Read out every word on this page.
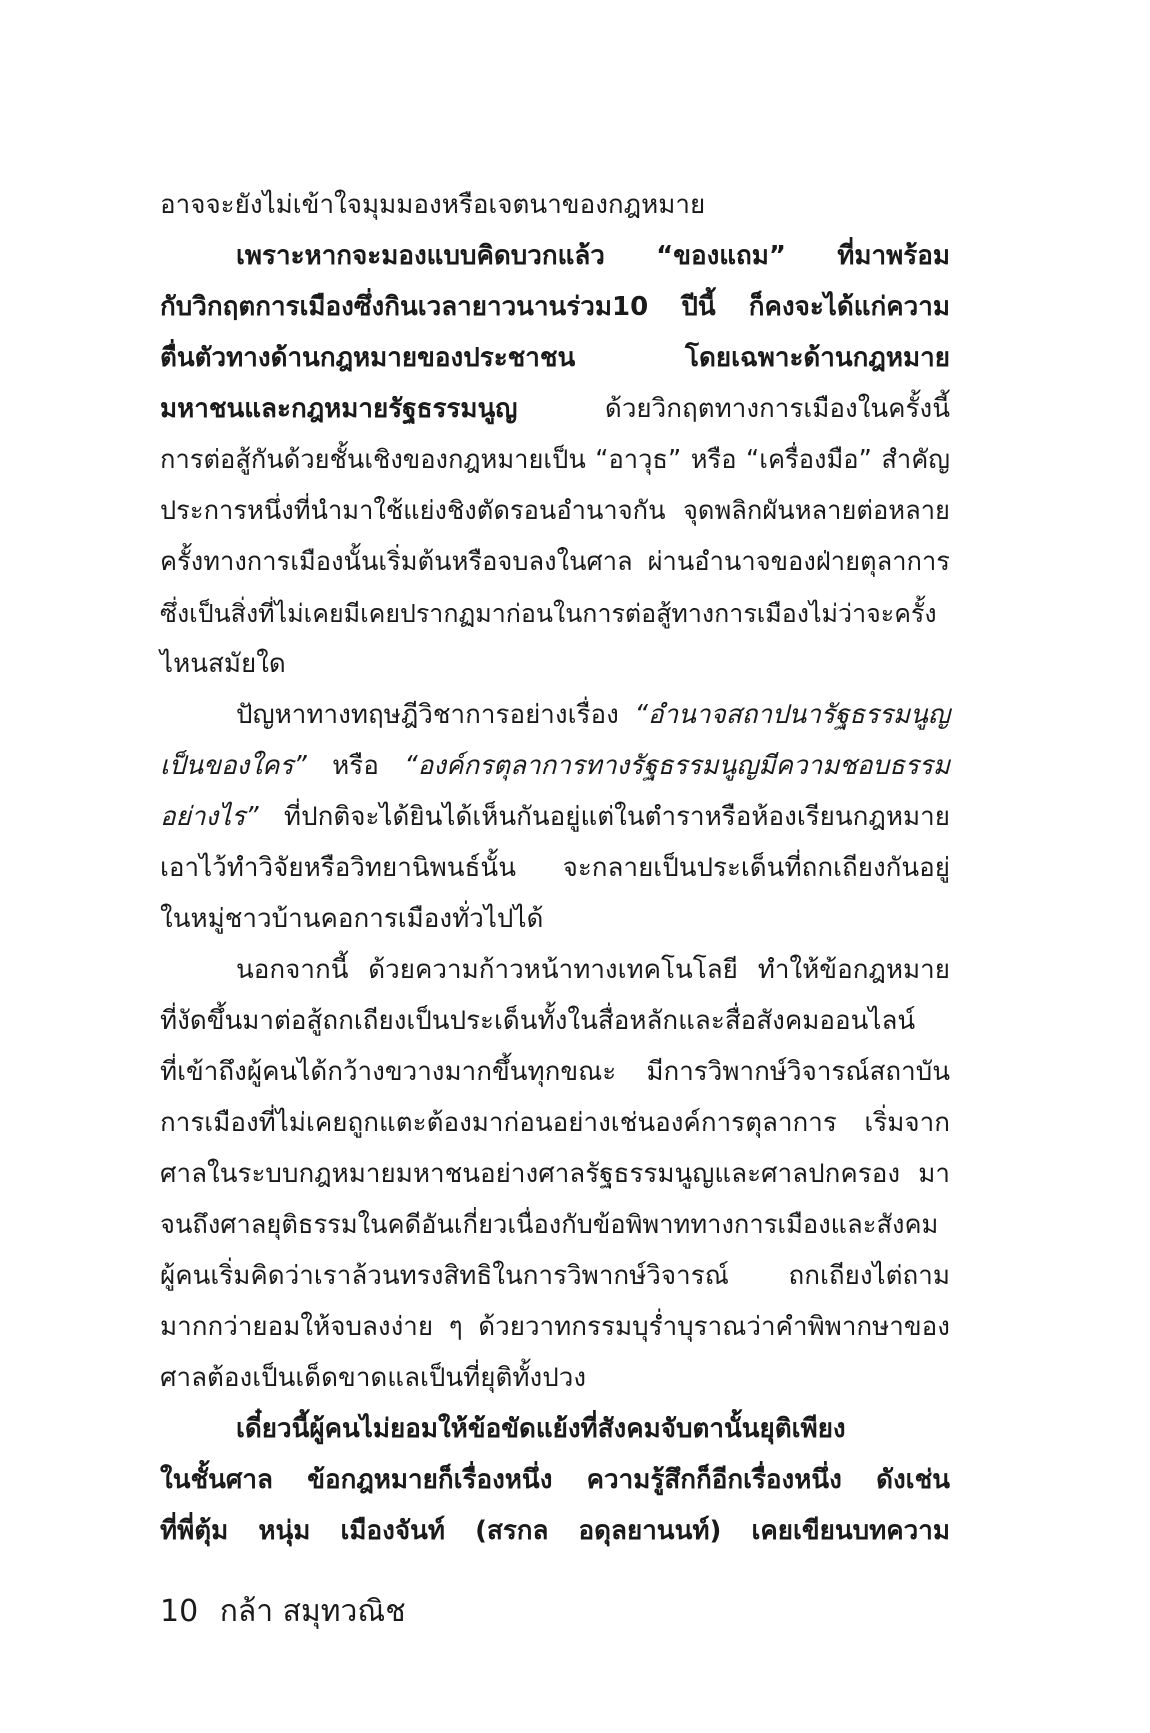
อาจจะยังไม่เข้าใจมุมมองหรือเจตนาของกฎหมาย
เพราะหากจะมองแบบคิดบวกแล้ว “ของแถม” ที่มาพร้อม
กับวิกฤตการเมืองซึ่งกินเวลายาวนานร่วม10 ปีนี้ ก็คงจะได้แก่ความ
ตื่นตัวทางด้านกฎหมายของประชาชน โดยเฉพาะด้านกฎหมาย
มหาชนและกฎหมายรัฐธรรมนูญ ด้วยวิกฤตทางการเมืองในครั้งนี้
การต่อสู้กันด้วยชั้นเชิงของกฎหมายเป็น “อาวุธ” หรือ “เครื่องมือ” สำคัญ
ประการหนึ่งที่นำมาใช้แย่งชิงตัดรอนอำนาจกัน จุดพลิกผันหลายต่อหลาย
ครั้งทางการเมืองนั้นเริ่มต้นหรือจบลงในศาล ผ่านอำนาจของฝ่ายตุลาการ
ซึ่งเป็นสิ่งที่ไม่เคยมีเคยปรากฏมาก่อนในการต่อสู้ทางการเมืองไม่ว่าจะครั้ง
ไหนสมัยใด
ปัญหาทางทฤษฎีวิชาการอย่างเรื่อง “อำนาจสถาปนารัฐธรรมนูญ
เป็นของใคร” หรือ “องค์กรตุลาการทางรัฐธรรมนูญมีความชอบธรรม
อย่างไร” ที่ปกติจะได้ยินได้เห็นกันอยู่แต่ในตำราหรือห้องเรียนกฎหมาย
เอาไว้ทำวิจัยหรือวิทยานิพนธ์นั้น จะกลายเป็นประเด็นที่ถกเถียงกันอยู่
ในหมู่ชาวบ้านคอการเมืองทั่วไปได้
นอกจากนี้ ด้วยความก้าวหน้าทางเทคโนโลยี ทำให้ข้อกฎหมาย
ที่งัดขึ้นมาต่อสู้ถกเถียงเป็นประเด็นทั้งในสื่อหลักและสื่อสังคมออนไลน์
ที่เข้าถึงผู้คนได้กว้างขวางมากขึ้นทุกขณะ มีการวิพากษ์วิจารณ์สถาบัน
การเมืองที่ไม่เคยถูกแตะต้องมาก่อนอย่างเช่นองค์การตุลาการ เริ่มจาก
ศาลในระบบกฎหมายมหาชนอย่างศาลรัฐธรรมนูญและศาลปกครอง มา
จนถึงศาลยุติธรรมในคดีอันเกี่ยวเนื่องกับข้อพิพาททางการเมืองและสังคม
ผู้คนเริ่มคิดว่าเราล้วนทรงสิทธิในการวิพากษ์วิจารณ์ ถกเถียงไต่ถาม
มากกว่ายอมให้จบลงง่าย ๆ ด้วยวาทกรรมบุร่ำบุราณว่าคำพิพากษาของ
ศาลต้องเป็นเด็ดขาดแลเป็นที่ยุติทั้งปวง
เดี๋ยวนี้ผู้คนไม่ยอมให้ข้อขัดแย้งที่สังคมจับตานั้นยุติเพียง
ในชั้นศาล ข้อกฎหมายก็เรื่องหนึ่ง ความรู้สึกก็อีกเรื่องหนึ่ง ดังเช่น
ที่พี่ตุ้ม หนุ่ม เมืองจันท์ (สรกล อดุลยานนท์) เคยเขียนบทความ
10 กล้า สมุทวณิช
